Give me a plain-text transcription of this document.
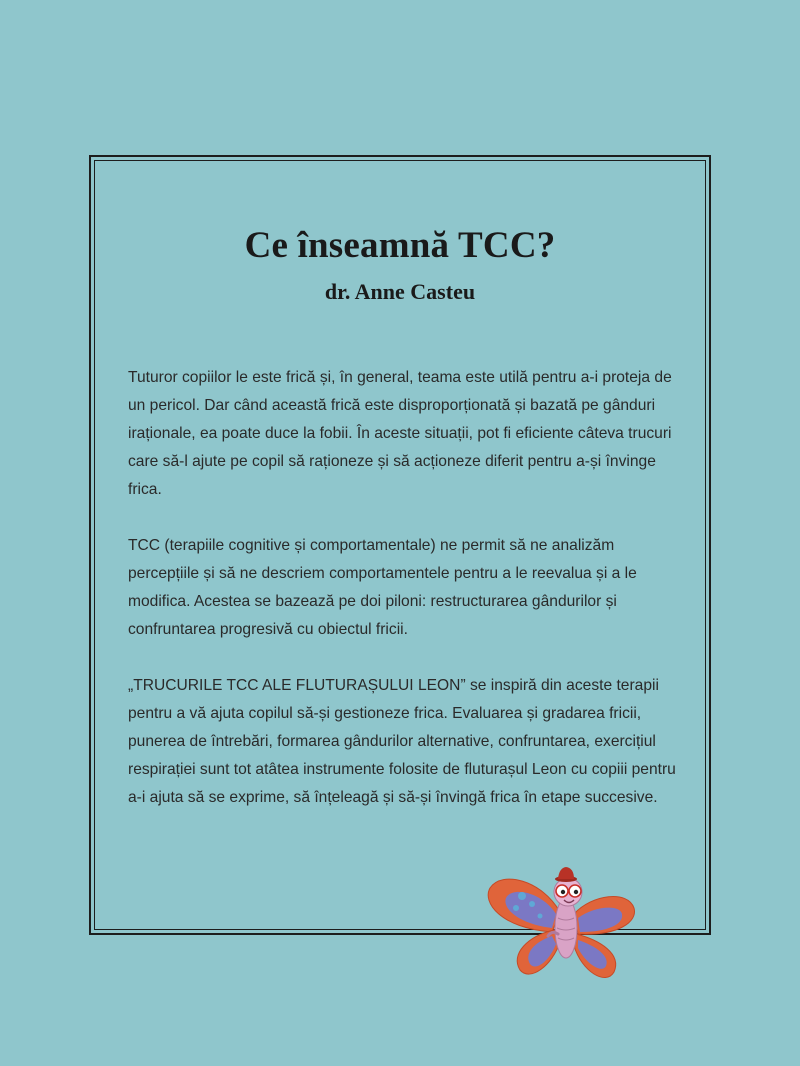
Ce înseamnă TCC?
dr. Anne Casteu

Tuturor copiilor le este frică și, în general, teama este utilă pentru a-i proteja de un pericol. Dar când această frică este disproporționată și bazată pe gânduri iraționale, ea poate duce la fobii. În aceste situații, pot fi eficiente câteva trucuri care să-l ajute pe copil să raționeze și să acționeze diferit pentru a-și învinge frica.

TCC (terapiile cognitive și comportamentale) ne permit să ne analizăm percepțiile și să ne descriem comportamentele pentru a le reevalua și a le modifica. Acestea se bazează pe doi piloni: restructurarea gândurilor și confruntarea progresivă cu obiectul fricii.

„TRUCURILE TCC ALE FLUTURAȘULUI LEON” se inspiră din aceste terapii pentru a vă ajuta copilul să-și gestioneze frica. Evaluarea și gradarea fricii, punerea de întrebări, formarea gândurilor alternative, confruntarea, exercițiul respirației sunt tot atâtea instrumente folosite de fluturașul Leon cu copiii pentru a-i ajuta să se exprime, să înțeleagă și să-și învingă frica în etape succesive.
